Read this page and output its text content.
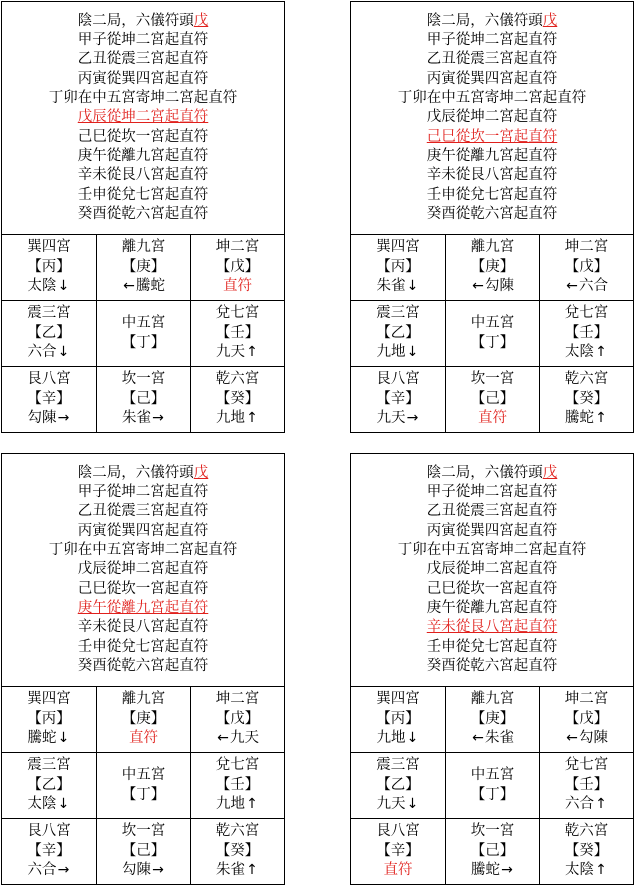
陰二局，六儀符頭戊
甲子從坤二宮起直符
乙丑從震三宮起直符
丙寅從巽四宮起直符
丁卯在中五宮寄坤二宮起直符
戊辰從坤二宮起直符
己巳從坎一宮起直符
庚午從離九宮起直符
辛未從艮八宮起直符
壬申從兌七宮起直符
癸酉從乾六宮起直符
巽四宮
【丙】
太陰 ↓
離九宮
【庚】
← 騰蛇
坤二宮
【戊】
直符
震三宮
【乙】
六合 ↓
中五宮
【丁】
兌七宮
【壬】
九天 ↑
艮八宮
【辛】
勾陳 →
坎一宮
【己】
朱雀 →
乾六宮
【癸】
九地 ↑
陰二局，六儀符頭戊
甲子從坤二宮起直符
乙丑從震三宮起直符
丙寅從巽四宮起直符
丁卯在中五宮寄坤二宮起直符
戊辰從坤二宮起直符
己巳從坎一宮起直符
庚午從離九宮起直符
辛未從艮八宮起直符
壬申從兌七宮起直符
癸酉從乾六宮起直符
巽四宮
【丙】
朱雀 ↓
離九宮
【庚】
← 勾陳
坤二宮
【戊】
← 六合
震三宮
【乙】
九地 ↓
中五宮
【丁】
兌七宮
【壬】
太陰 ↑
艮八宮
【辛】
九天 →
坎一宮
【己】
直符
乾六宮
【癸】
騰蛇 ↑
陰二局，六儀符頭戊
甲子從坤二宮起直符
乙丑從震三宮起直符
丙寅從巽四宮起直符
丁卯在中五宮寄坤二宮起直符
戊辰從坤二宮起直符
己巳從坎一宮起直符
庚午從離九宮起直符
辛未從艮八宮起直符
壬申從兌七宮起直符
癸酉從乾六宮起直符
巽四宮
【丙】
騰蛇 ↓
離九宮
【庚】
直符
坤二宮
【戊】
← 九天
震三宮
【乙】
太陰 ↓
中五宮
【丁】
兌七宮
【壬】
九地 ↑
艮八宮
【辛】
六合 →
坎一宮
【己】
勾陳 →
乾六宮
【癸】
朱雀 ↑
陰二局，六儀符頭戊
甲子從坤二宮起直符
乙丑從震三宮起直符
丙寅從巽四宮起直符
丁卯在中五宮寄坤二宮起直符
戊辰從坤二宮起直符
己巳從坎一宮起直符
庚午從離九宮起直符
辛未從艮八宮起直符
壬申從兌七宮起直符
癸酉從乾六宮起直符
巽四宮
【丙】
九地 ↓
離九宮
【庚】
← 朱雀
坤二宮
【戊】
← 勾陳
震三宮
【乙】
九天 ↓
中五宮
【丁】
兌七宮
【壬】
六合 ↑
艮八宮
【辛】
直符
坎一宮
【己】
騰蛇 →
乾六宮
【癸】
太陰 ↑
